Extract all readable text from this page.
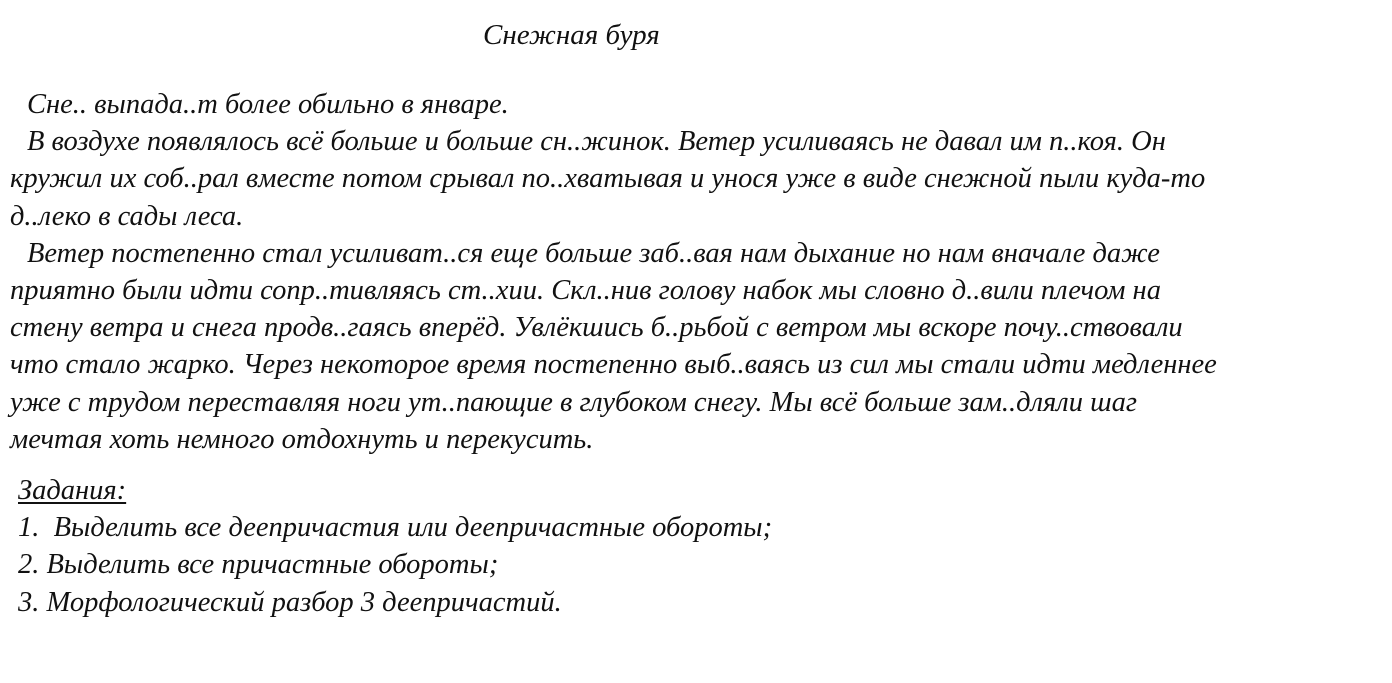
Снежная буря
Сне.. выпада..т более обильно в январе.
В воздухе появлялось всё больше и больше сн..жинок. Ветер усиливаясь не давал им п..коя. Он
кружил их соб..рал вместе потом срывал по..хватывая и унося уже в виде снежной пыли куда-то
д..леко в сады леса.
Ветер постепенно стал усиливат..ся еще больше заб..вая нам дыхание но нам вначале даже
приятно были идти сопр..тивляясь ст..хии. Скл..нив голову набок мы словно д..вили плечом на
стену ветра и снега продв..гаясь вперёд. Увлёкшись б..рьбой с ветром мы вскоре почу..ствовали
что стало жарко. Через некоторое время постепенно выб..ваясь из сил мы стали идти медленнее
уже с трудом переставляя ноги ут..пающие в глубоком снегу. Мы всё больше зам..дляли шаг
мечтая хоть немного отдохнуть и перекусить.
Задания:
1.  Выделить все деепричастия или деепричастные обороты;
2. Выделить все причастные обороты;
3. Морфологический разбор 3 деепричастий.
